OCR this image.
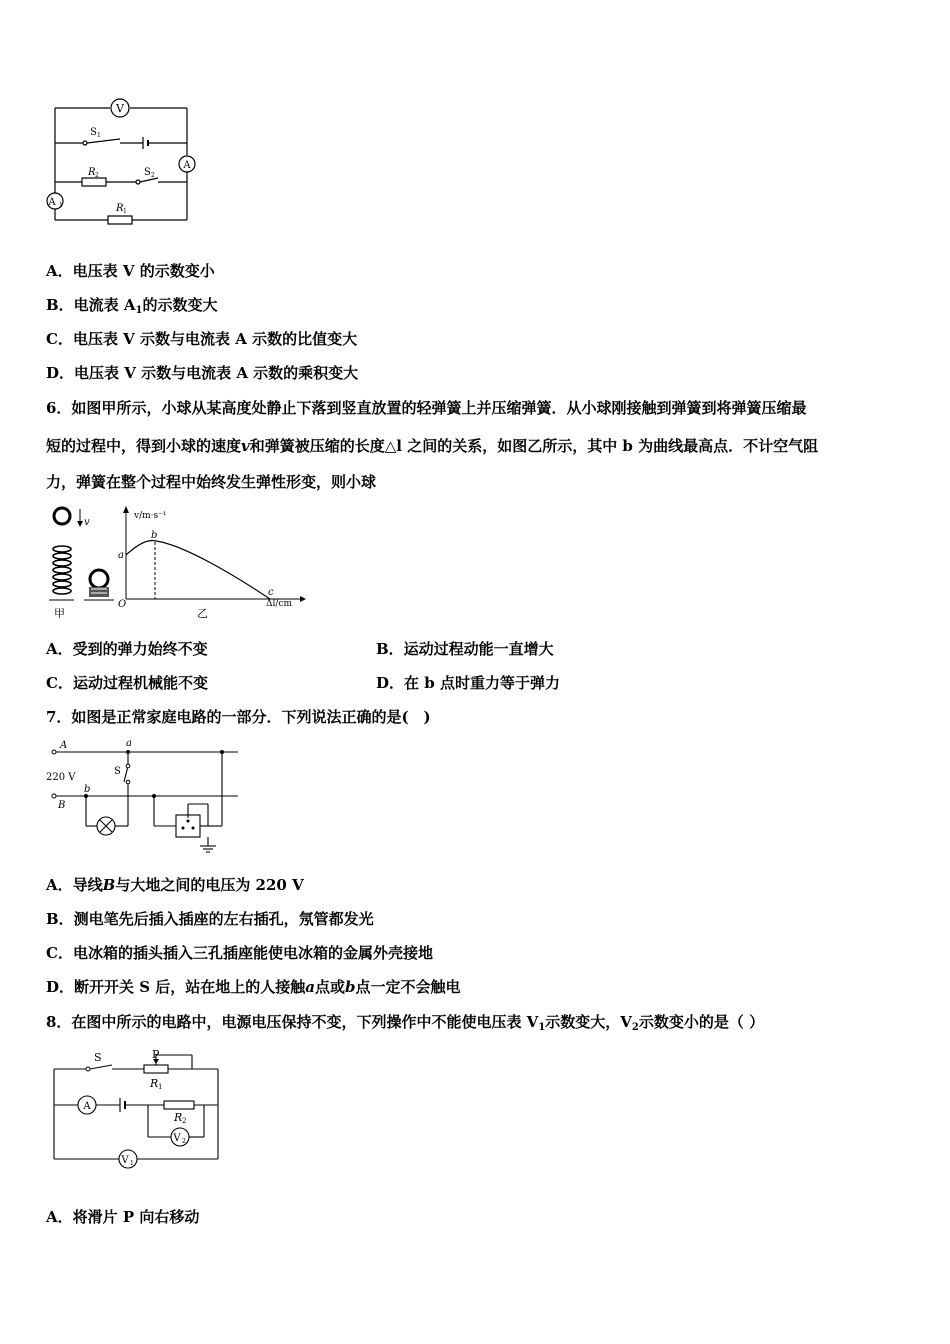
V
A
A 1
S 1
R 2	S 2
R 1
A．电压表 V 的示数变小
B．电流表 $A_1$的示数变大
C．电压表 V 示数与电流表 A 示数的比值变大
D．电压表 V 示数与电流表 A 示数的乘积变大
6．如图甲所示，小球从某高度处静止下落到竖直放置的轻弹簧上并压缩弹簧．从小球刚接触到弹簧到将弹簧压缩最
短的过程中，得到小球的速度v和弹簧被压缩的长度△l 之间的关系，如图乙所示，其中 b 为曲线最高点．不计空气阻
力，弹簧在整个过程中始终发生弹性形变，则小球
v
甲
v/m·s⁻¹
Δl/cm
O
a
b
c
乙
A．受到的弹力始终不变	B．运动过程动能一直增大
C．运动过程机械能不变	D．在 b 点时重力等于弹力
7．如图是正常家庭电路的一部分．下列说法正确的是(　)
A
220 V
B
a
b
S
A．导线B与大地之间的电压为 220 V
B．测电笔先后插入插座的左右插孔，氖管都发光
C．电冰箱的插头插入三孔插座能使电冰箱的金属外壳接地
D．断开开关 S 后，站在地上的人接触a点或b点一定不会触电
8．在图中所示的电路中，电源电压保持不变，下列操作中不能使电压表 $V_1$示数变大，$V_2$示数变小的是（ ）
S	P
R 1
A
R 2
V 2
V 1
A．将滑片 P 向右移动
